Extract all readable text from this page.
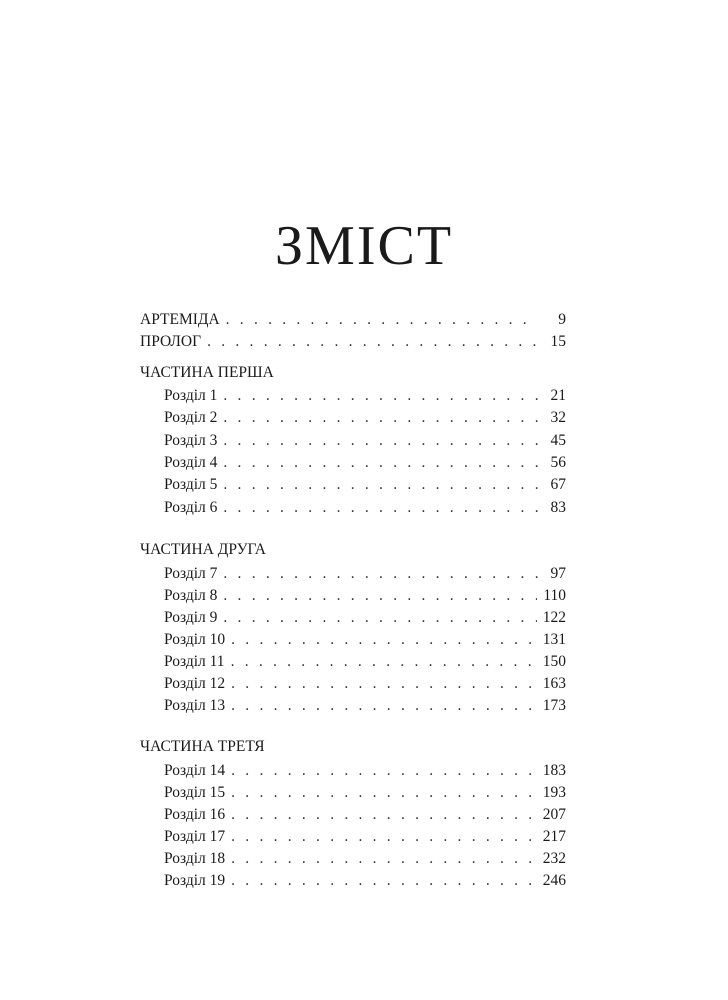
ЗМІСТ
АРТЕМІДА . . .	9
ПРОЛОГ . . .	15
ЧАСТИНА ПЕРША
Розділ 1 . . .	21
Розділ 2 . . .	32
Розділ 3 . . .	45
Розділ 4 . . .	56
Розділ 5 . . .	67
Розділ 6 . . .	83
ЧАСТИНА ДРУГА
Розділ 7 . . .	97
Розділ 8 . . .	110
Розділ 9 . . .	122
Розділ 10 . . .	131
Розділ 11 . . .	150
Розділ 12 . . .	163
Розділ 13 . . .	173
ЧАСТИНА ТРЕТЯ
Розділ 14 . . .	183
Розділ 15 . . .	193
Розділ 16 . . .	207
Розділ 17 . . .	217
Розділ 18 . . .	232
Розділ 19 . . .	246
